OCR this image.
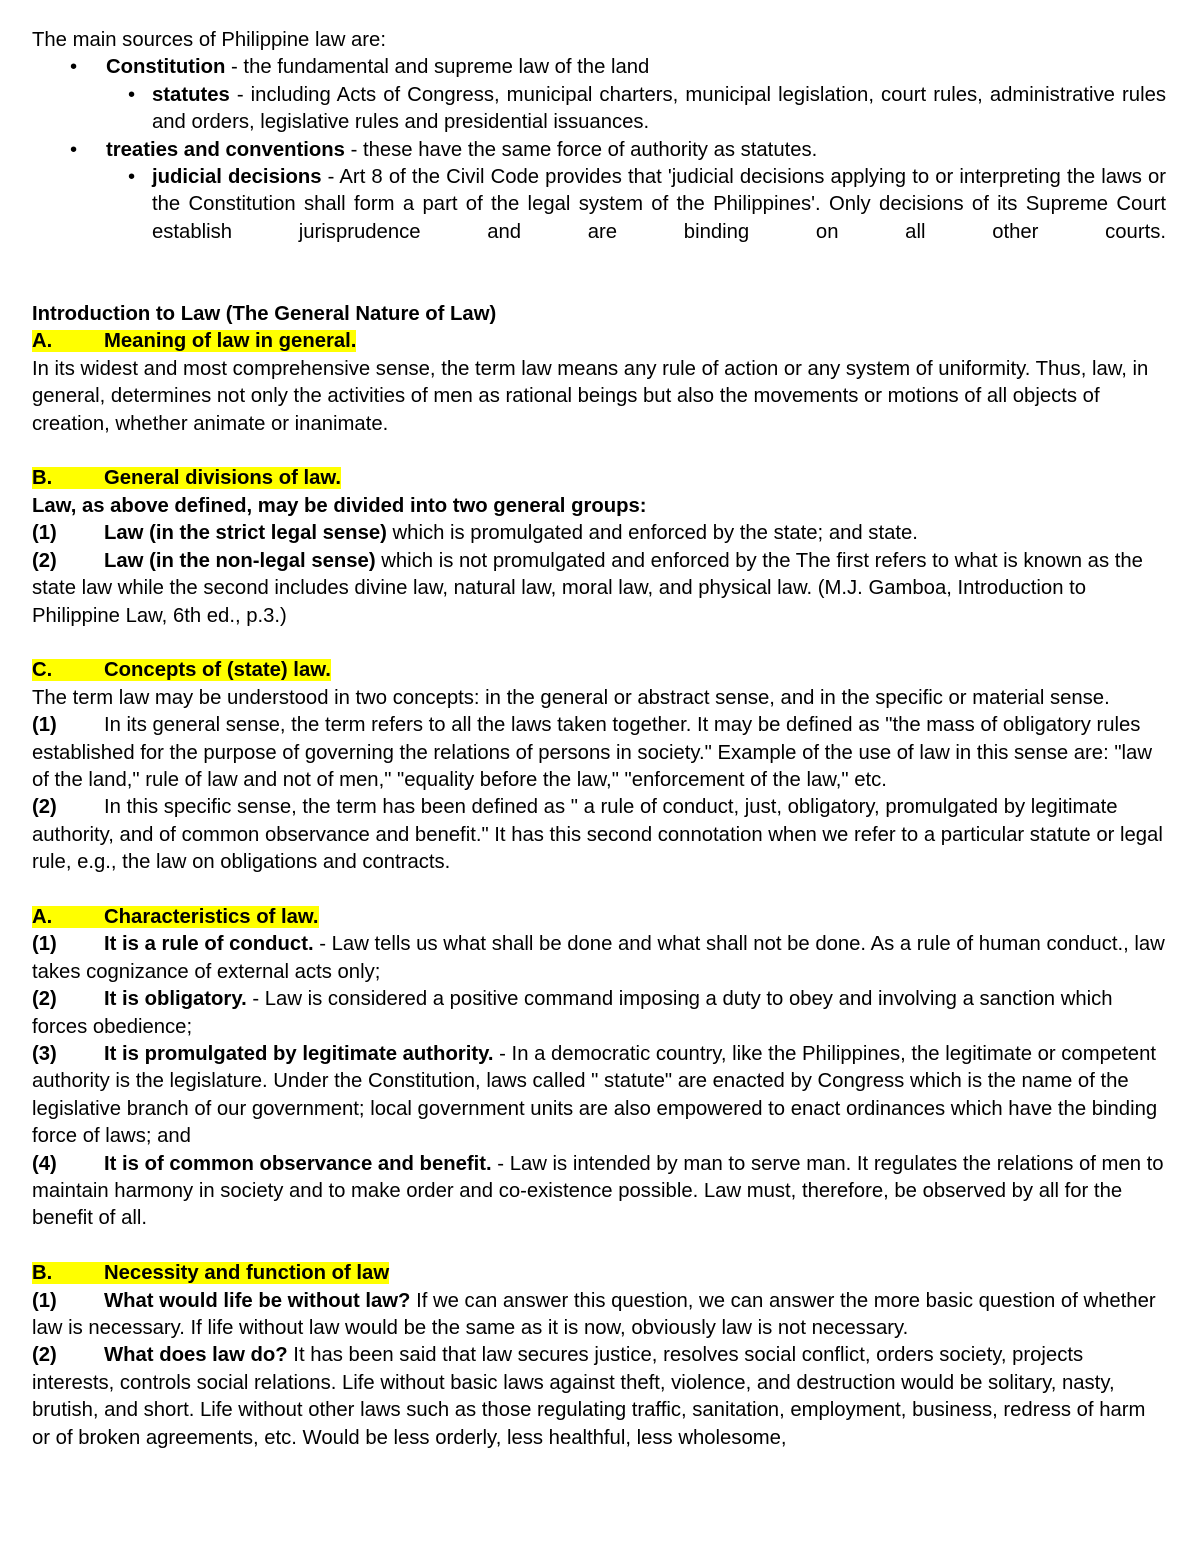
The main sources of Philippine law are:

• Constitution - the fundamental and supreme law of the land
• statutes - including Acts of Congress, municipal charters, municipal legislation, court rules, administrative rules and orders, legislative rules and presidential issuances.
• treaties and conventions - these have the same force of authority as statutes.
• judicial decisions - Art 8 of the Civil Code provides that 'judicial decisions applying to or interpreting the laws or the Constitution shall form a part of the legal system of the Philippines'. Only decisions of its Supreme Court establish jurisprudence and are binding on all other courts.

Introduction to Law (The General Nature of Law)

A.	Meaning of law in general.

In its widest and most comprehensive sense, the term law means any rule of action or any system of uniformity. Thus, law, in general, determines not only the activities of men as rational beings but also the movements or motions of all objects of creation, whether animate or inanimate.

B.	General divisions of law.

Law, as above defined, may be divided into two general groups:

(1) Law (in the strict legal sense) which is promulgated and enforced by the state; and state.

(2) Law (in the non-legal sense) which is not promulgated and enforced by the The first refers to what is known as the state law while the second includes divine law, natural law, moral law, and physical law. (M.J. Gamboa, Introduction to Philippine Law, 6th ed., p.3.)

C.	Concepts of (state) law.

The term law may be understood in two concepts: in the general or abstract sense, and in the specific or material sense.

(1) In its general sense, the term refers to all the laws taken together. It may be defined as "the mass of obligatory rules established for the purpose of governing the relations of persons in society." Example of the use of law in this sense are: "law of the land," rule of law and not of men," "equality before the law," "enforcement of the law," etc.

(2) In this specific sense, the term has been defined as " a rule of conduct, just, obligatory, promulgated by legitimate authority, and of common observance and benefit." It has this second connotation when we refer to a particular statute or legal rule, e.g., the law on obligations and contracts.

A.	Characteristics of law.

(1) It is a rule of conduct. - Law tells us what shall be done and what shall not be done. As a rule of human conduct., law takes cognizance of external acts only;

(2) It is obligatory. - Law is considered a positive command imposing a duty to obey and involving a sanction which forces obedience;

(3) It is promulgated by legitimate authority. - In a democratic country, like the Philippines, the legitimate or competent authority is the legislature. Under the Constitution, laws called " statute" are enacted by Congress which is the name of the legislative branch of our government; local government units are also empowered to enact ordinances which have the binding force of laws; and

(4) It is of common observance and benefit. - Law is intended by man to serve man. It regulates the relations of men to maintain harmony in society and to make order and co-existence possible. Law must, therefore, be observed by all for the benefit of all.

B.	Necessity and function of law

(1) What would life be without law? If we can answer this question, we can answer the more basic question of whether law is necessary. If life without law would be the same as it is now, obviously law is not necessary.

(2) What does law do? It has been said that law secures justice, resolves social conflict, orders society, projects interests, controls social relations. Life without basic laws against theft, violence, and destruction would be solitary, nasty, brutish, and short. Life without other laws such as those regulating traffic, sanitation, employment, business, redress of harm or of broken agreements, etc. Would be less orderly, less healthful, less wholesome,
